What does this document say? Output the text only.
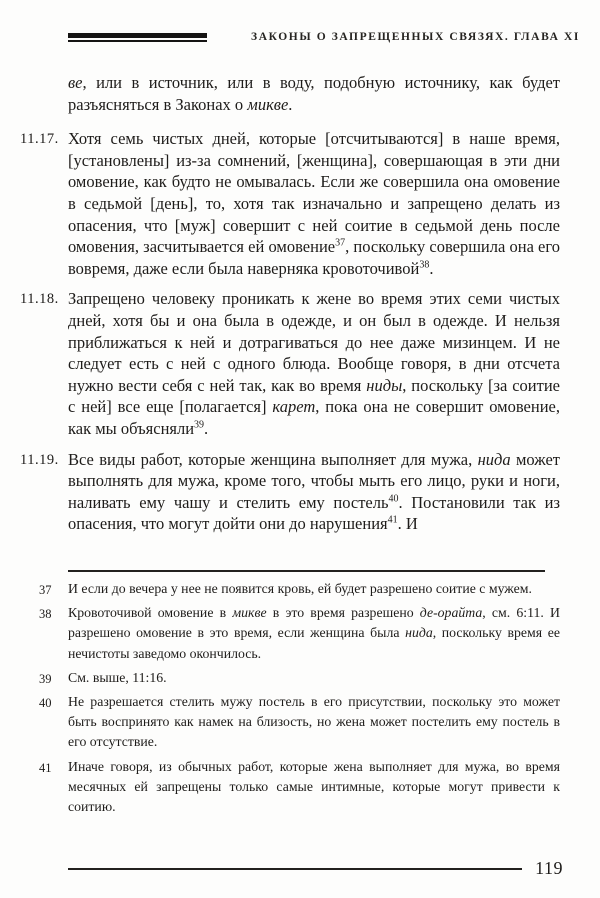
ЗАКОНЫ О ЗАПРЕЩЕННЫХ СВЯЗЯХ. ГЛАВА XI

ве, или в источник, или в воду, подобную источнику, как будет разъясняться в Законах о микве.

11.17. Хотя семь чистых дней, которые [отсчитываются] в наше время, [установлены] из-за сомнений, [женщина], совершающая в эти дни омовение, как будто не омывалась. Если же совершила она омовение в седьмой [день], то, хотя так изначально и запрещено делать из опасения, что [муж] совершит с ней соитие в седьмой день после омовения, засчитывается ей омовение$^{37}$, поскольку совершила она его вовремя, даже если была наверняка кровоточивой$^{38}$.

11.18. Запрещено человеку проникать к жене во время этих семи чистых дней, хотя бы и она была в одежде, и он был в одежде. И нельзя приближаться к ней и дотрагиваться до нее даже мизинцем. И не следует есть с ней с одного блюда. Вообще говоря, в дни отсчета нужно вести себя с ней так, как во время ниды, поскольку [за соитие с ней] все еще [полагается] карет, пока она не совершит омовение, как мы объясняли$^{39}$.

11.19. Все виды работ, которые женщина выполняет для мужа, нида может выполнять для мужа, кроме того, чтобы мыть его лицо, руки и ноги, наливать ему чашу и стелить ему постель$^{40}$. Постановили так из опасения, что могут дойти они до нарушения$^{41}$. И

37 И если до вечера у нее не появится кровь, ей будет разрешено соитие с мужем.
38 Кровоточивой омовение в микве в это время разрешено де-орайта, см. 6:11. И разрешено омовение в это время, если женщина была нида, поскольку время ее нечистоты заведомо окончилось.
39 См. выше, 11:16.
40 Не разрешается стелить мужу постель в его присутствии, поскольку это может быть воспринято как намек на близость, но жена может постелить ему постель в его отсутствие.
41 Иначе говоря, из обычных работ, которые жена выполняет для мужа, во время месячных ей запрещены только самые интимные, которые могут привести к соитию.
119
